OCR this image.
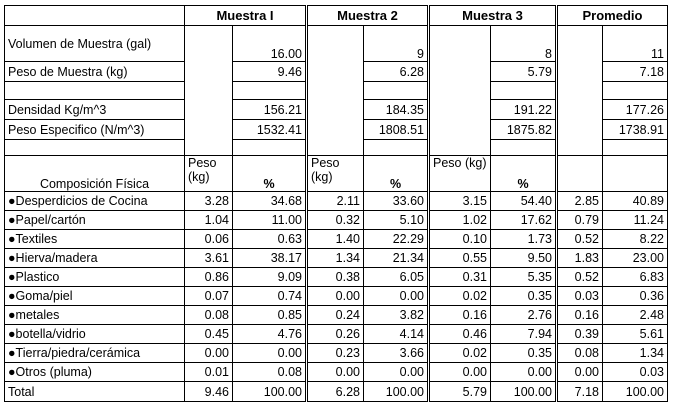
	Muestra I		Muestra 2		Muestra 3		Promedio	
Volumen de Muestra (gal)		16.00		9		8		11
Peso de Muestra (kg)		9.46		6.28		5.79		7.18

Densidad Kg/m^3		156.21		184.35		191.22		177.26
Peso Especifico (N/m^3)		1532.41		1808.51		1875.82		1738.91

Composición Física	Peso (kg)	%	Peso (kg)	%	Peso (kg)	%		
●Desperdicios de Cocina	3.28	34.68	2.11	33.60	3.15	54.40	2.85	40.89
●Papel/cartón	1.04	11.00	0.32	5.10	1.02	17.62	0.79	11.24
●Textiles	0.06	0.63	1.40	22.29	0.10	1.73	0.52	8.22
●Hierva/madera	3.61	38.17	1.34	21.34	0.55	9.50	1.83	23.00
●Plastico	0.86	9.09	0.38	6.05	0.31	5.35	0.52	6.83
●Goma/piel	0.07	0.74	0.00	0.00	0.02	0.35	0.03	0.36
●metales	0.08	0.85	0.24	3.82	0.16	2.76	0.16	2.48
●botella/vidrio	0.45	4.76	0.26	4.14	0.46	7.94	0.39	5.61
●Tierra/piedra/cerámica	0.00	0.00	0.23	3.66	0.02	0.35	0.08	1.34
●Otros (pluma)	0.01	0.08	0.00	0.00	0.00	0.00	0.00	0.03
Total	9.46	100.00	6.28	100.00	5.79	100.00	7.18	100.00
